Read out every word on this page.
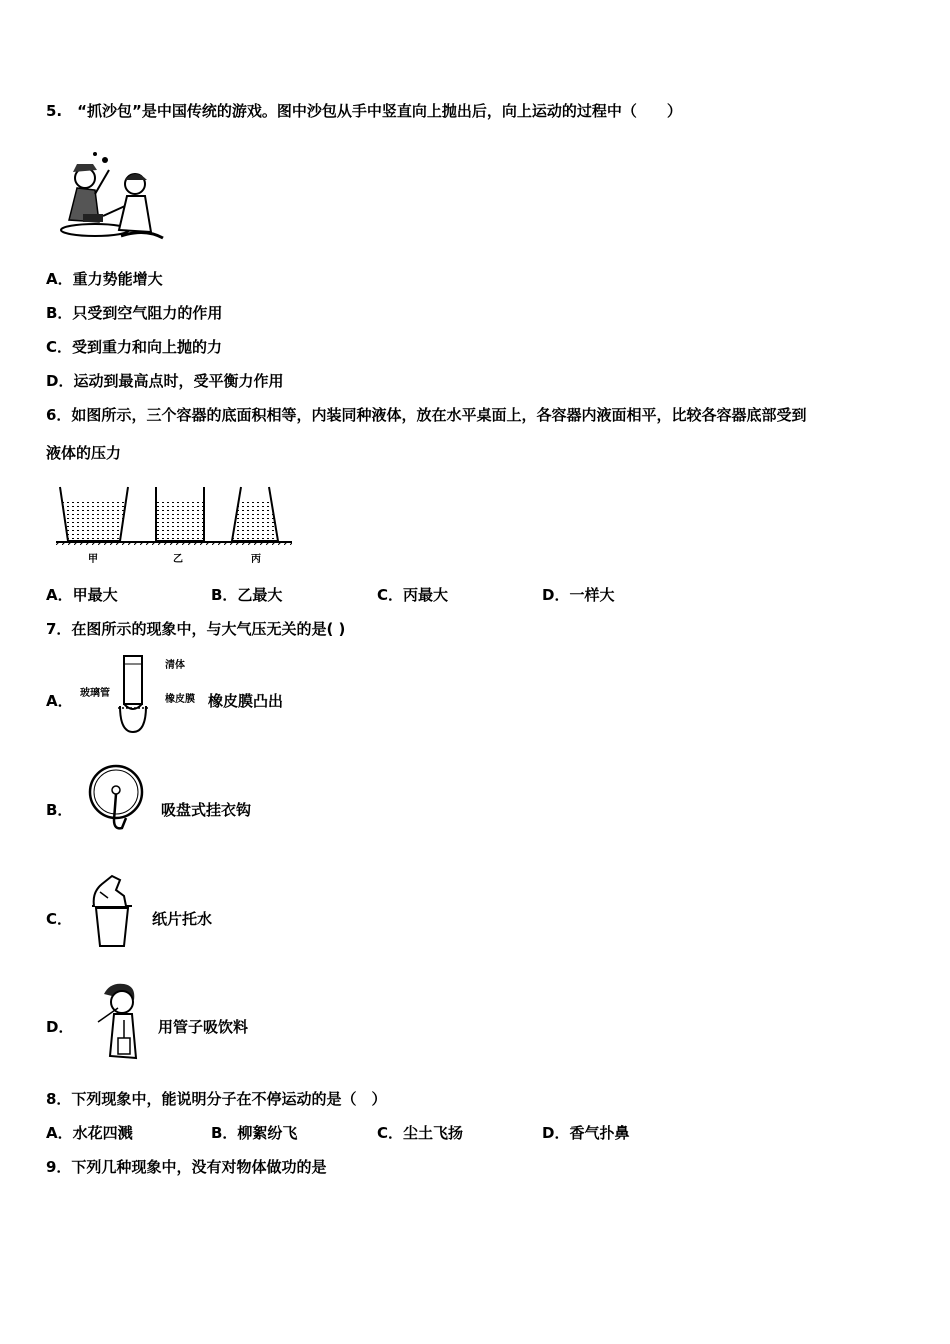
5.　“抓沙包”是中国传统的游戏。图中沙包从手中竖直向上抛出后，向上运动的过程中（　　）
A．重力势能增大
B．只受到空气阻力的作用
C．受到重力和向上抛的力
D．运动到最高点时，受平衡力作用
6．如图所示，三个容器的底面积相等，内装同种液体，放在水平桌面上，各容器内液面相平，比较各容器底部受到
液体的压力
甲	乙	丙
A．甲最大	B．乙最大	C．丙最大	D．一样大
7．在图所示的现象中，与大气压无关的是( )
A．
清体
玻璃管
橡皮膜 橡皮膜凸出
B．	吸盘式挂衣钩
C．	纸片托水
D．	用管子吸饮料
8．下列现象中，能说明分子在不停运动的是（　）
A．水花四溅	B．柳絮纷飞	C．尘土飞扬	D．香气扑鼻
9．下列几种现象中，没有对物体做功的是
